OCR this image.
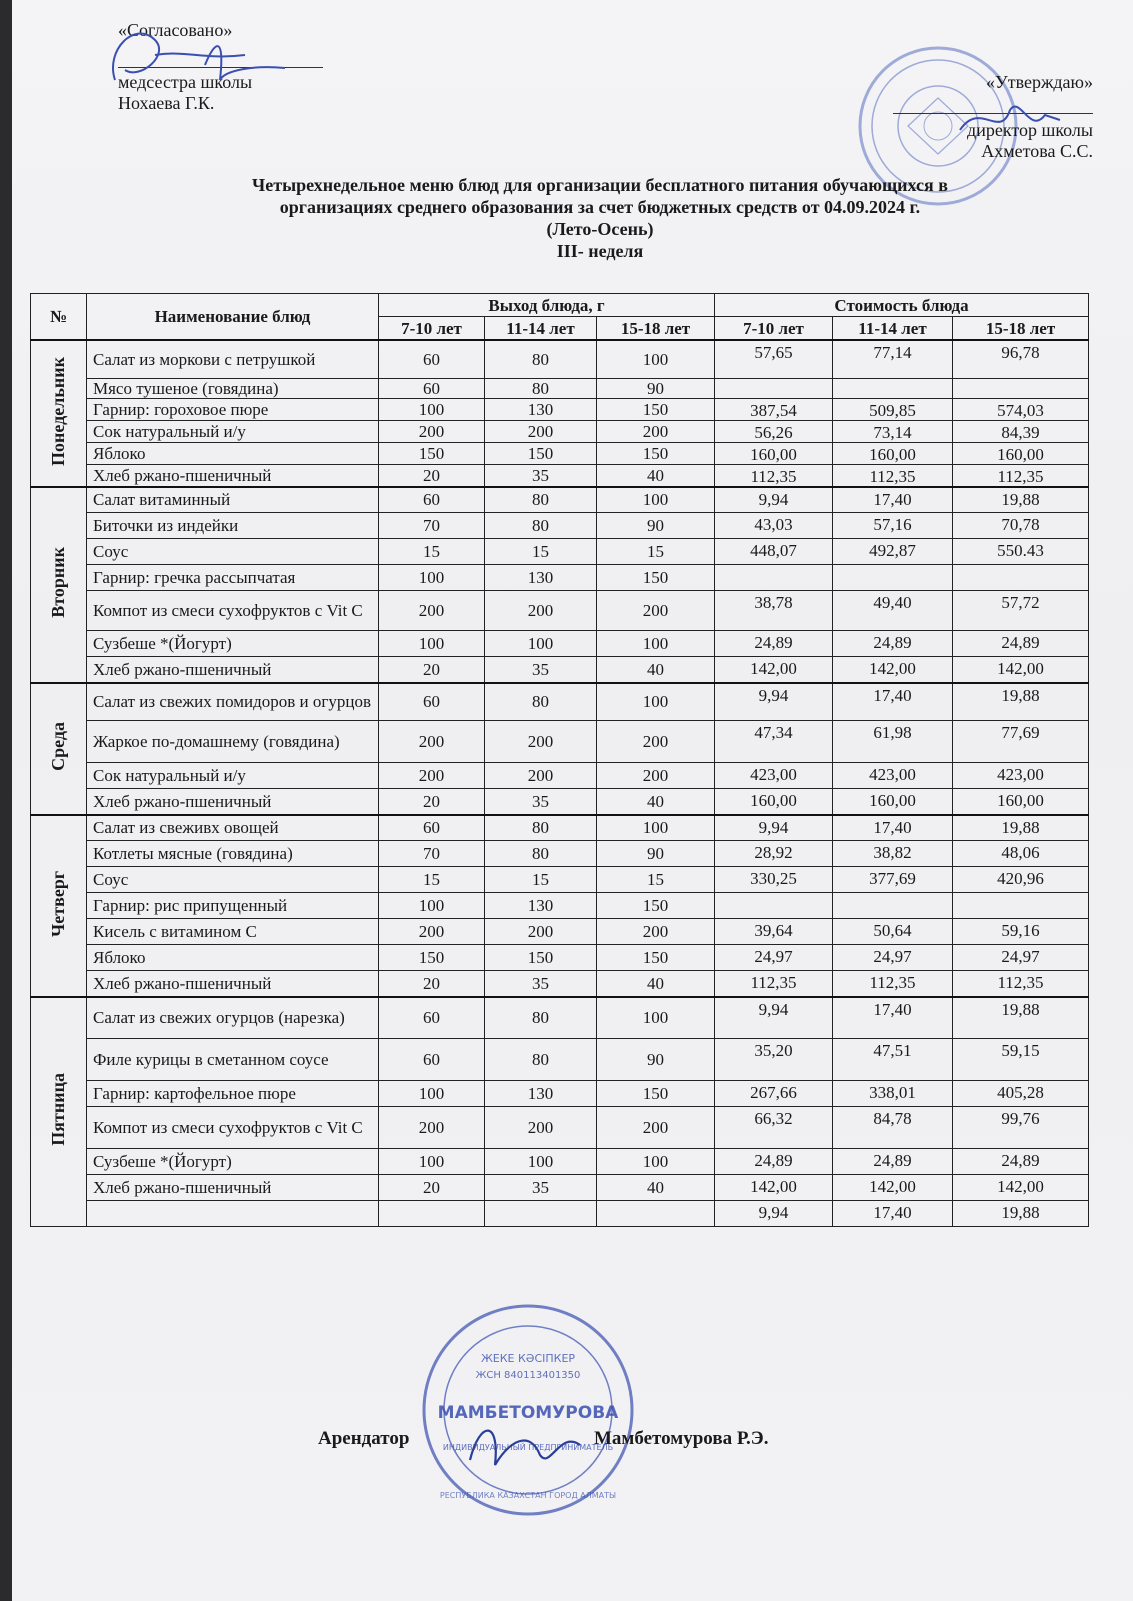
«Согласовано»
медсестра школы
Нохаева Г.К.
«Утверждаю»
директор школы
Ахметова С.С.
Четырехнедельное меню блюд для организации бесплатного питания обучающихся в
организациях среднего образования за счет бюджетных средств от 04.09.2024 г.
(Лето-Осень)
III- неделя
№	Наименование блюд	Выход блюда, г			Стоимость блюда		
		7-10 лет	11-14 лет	15-18 лет	7-10 лет	11-14 лет	15-18 лет
Понедельник	Салат из моркови с петрушкой	60	80	100	57,65	77,14	96,78
	Мясо тушеное (говядина)	60	80	90			
	Гарнир: гороховое пюре	100	130	150	387,54	509,85	574,03
	Сок натуральный и/у	200	200	200	56,26	73,14	84,39
	Яблоко	150	150	150	160,00	160,00	160,00
	Хлеб ржано-пшеничный	20	35	40	112,35	112,35	112,35
Вторник	Салат витаминный	60	80	100	9,94	17,40	19,88
	Биточки из индейки	70	80	90	43,03	57,16	70,78
	Соус	15	15	15	448,07	492,87	550.43
	Гарнир: гречка рассыпчатая	100	130	150			
	Компот из смеси сухофруктов с Vit C	200	200	200	38,78	49,40	57,72
	Сузбеше *(Йогурт)	100	100	100	24,89	24,89	24,89
	Хлеб ржано-пшеничный	20	35	40	142,00	142,00	142,00
Среда	Салат из свежих помидоров и огурцов	60	80	100	9,94	17,40	19,88
	Жаркое по-домашнему (говядина)	200	200	200	47,34	61,98	77,69
	Сок натуральный и/у	200	200	200	423,00	423,00	423,00
	Хлеб ржано-пшеничный	20	35	40	160,00	160,00	160,00
Четверг	Салат из свеживх овощей	60	80	100	9,94	17,40	19,88
	Котлеты мясные (говядина)	70	80	90	28,92	38,82	48,06
	Соус	15	15	15	330,25	377,69	420,96
	Гарнир: рис припущенный	100	130	150			
	Кисель с витамином С	200	200	200	39,64	50,64	59,16
	Яблоко	150	150	150	24,97	24,97	24,97
	Хлеб ржано-пшеничный	20	35	40	112,35	112,35	112,35
Пятница	Салат из свежих огурцов (нарезка)	60	80	100	9,94	17,40	19,88
	Филе курицы в сметанном соусе	60	80	90	35,20	47,51	59,15
	Гарнир: картофельное пюре	100	130	150	267,66	338,01	405,28
	Компот из смеси сухофруктов с Vit C	200	200	200	66,32	84,78	99,76
	Сузбеше *(Йогурт)	100	100	100	24,89	24,89	24,89
	Хлеб ржано-пшеничный	20	35	40	142,00	142,00	142,00
					9,94	17,40	19,88
ЖЕКЕ КӘСІПКЕР
ЖСН 840113401350
МАМБЕТОМУРОВА
ИНДИВИДУАЛЬНЫЙ ПРЕДПРИНИМАТЕЛЬ
РЕСПУБЛИКА КАЗАХСТАН ГОРОД АЛМАТЫ
Арендатор	Мамбетомурова Р.Э.
